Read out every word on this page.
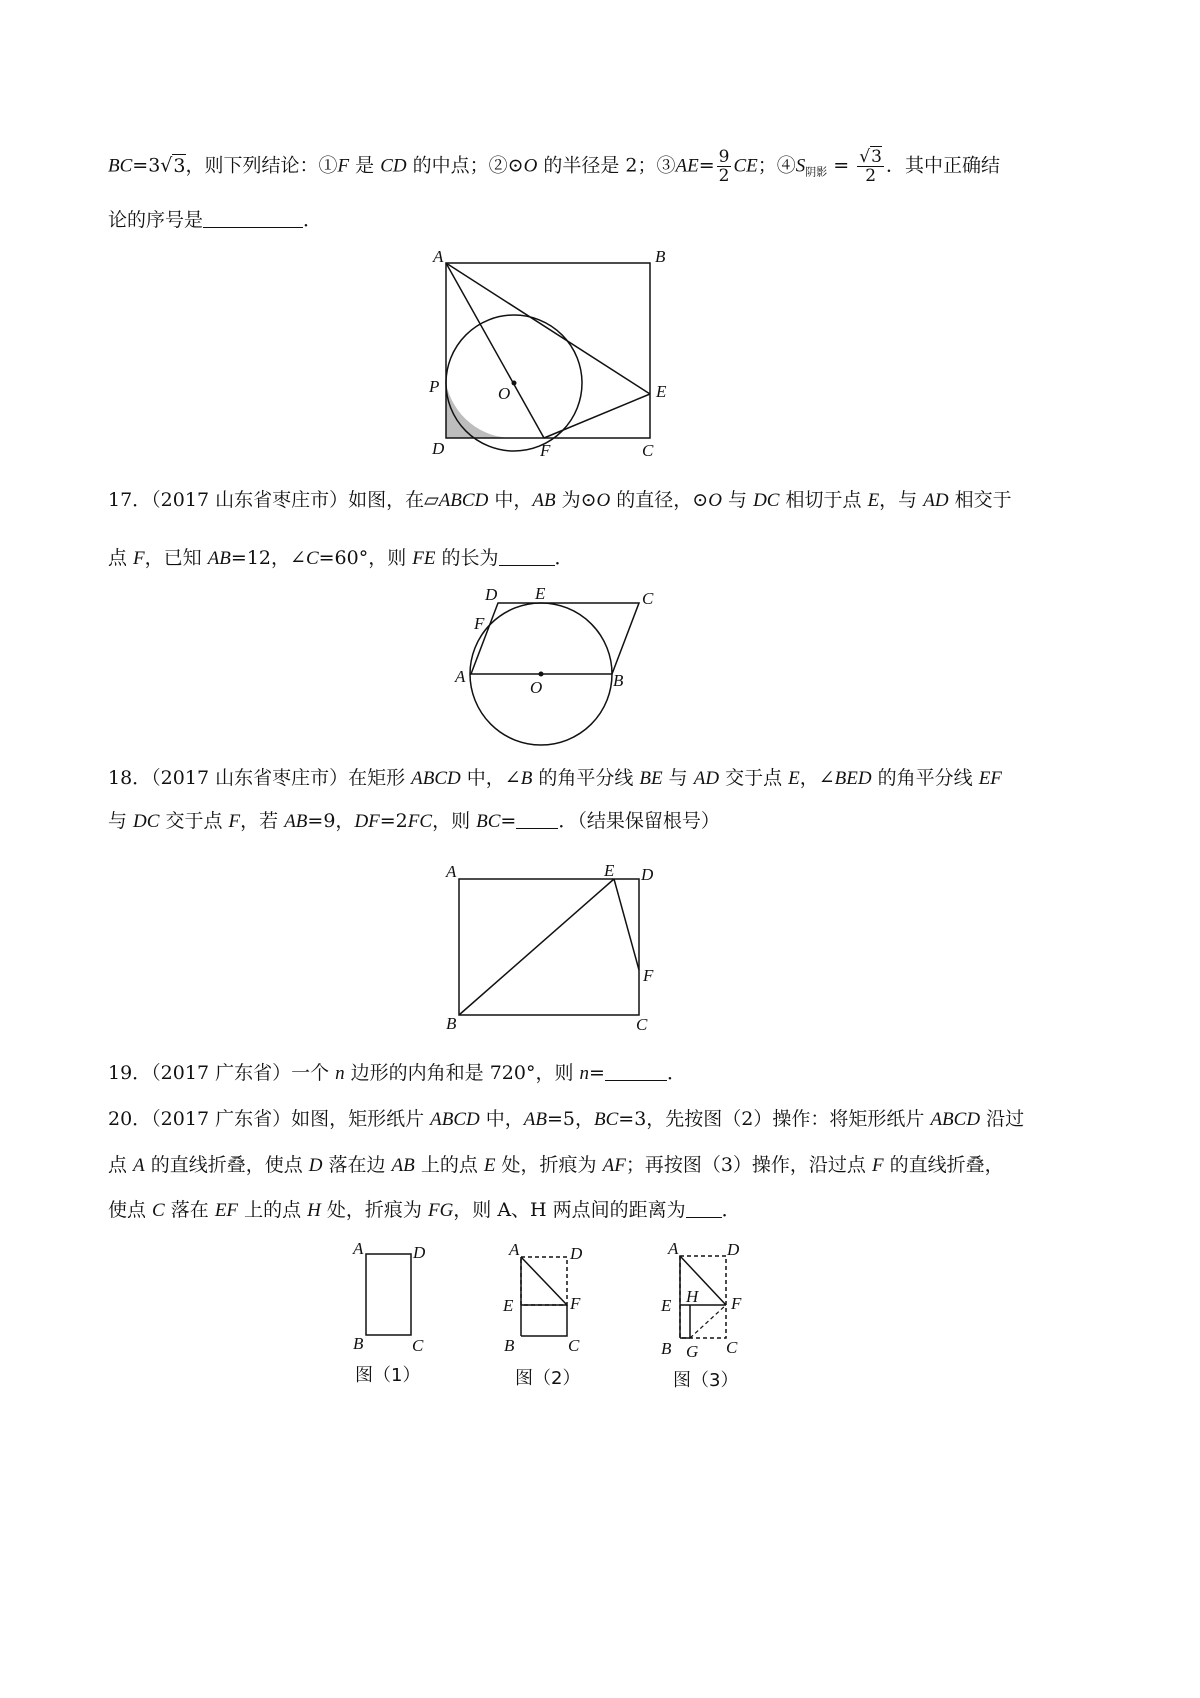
BC=3√3，则下列结论：①F 是 CD 的中点；②⊙O 的半径是 2；③AE= $\frac{9}{2}$ CE；$④S_{阴影} = \frac{√3}{2}$ ．其中正确结
论的序号是	．
A	B
P	O	E
D	F	C
17．（2017 山东省枣庄市）如图，在▱ABCD 中，AB 为⊙O 的直径，⊙O 与 DC 相切于点 E，与 AD 相交于
点 F，已知 AB=12，∠C=60°，则 FE 的长为	．
D E	C
F
A
O	B
18．（2017 山东省枣庄市）在矩形 ABCD 中，∠B 的角平分线 BE 与 AD 交于点 E，∠BED 的角平分线 EF
与 DC 交于点 F，若 AB=9，DF=2FC，则 BC= ．（结果保留根号）
A	E D
F
B	C
19．（2017 广东省）一个 n 边形的内角和是 720°，则 n=	．
20．（2017 广东省）如图，矩形纸片 ABCD 中，AB=5，BC=3，先按图（2）操作：将矩形纸片 ABCD 沿过
点 A 的直线折叠，使点 D 落在边 AB 上的点 E 处，折痕为 AF；再按图（3）操作，沿过点 F 的直线折叠，
使点 C 落在 EF 上的点 H 处，折痕为 FG，则 A、H 两点间的距离为 ．
A	D
B	C
图（1）
A	D
E	F
B	C
图（2）
A	D
E H F
B G C
图（3）
